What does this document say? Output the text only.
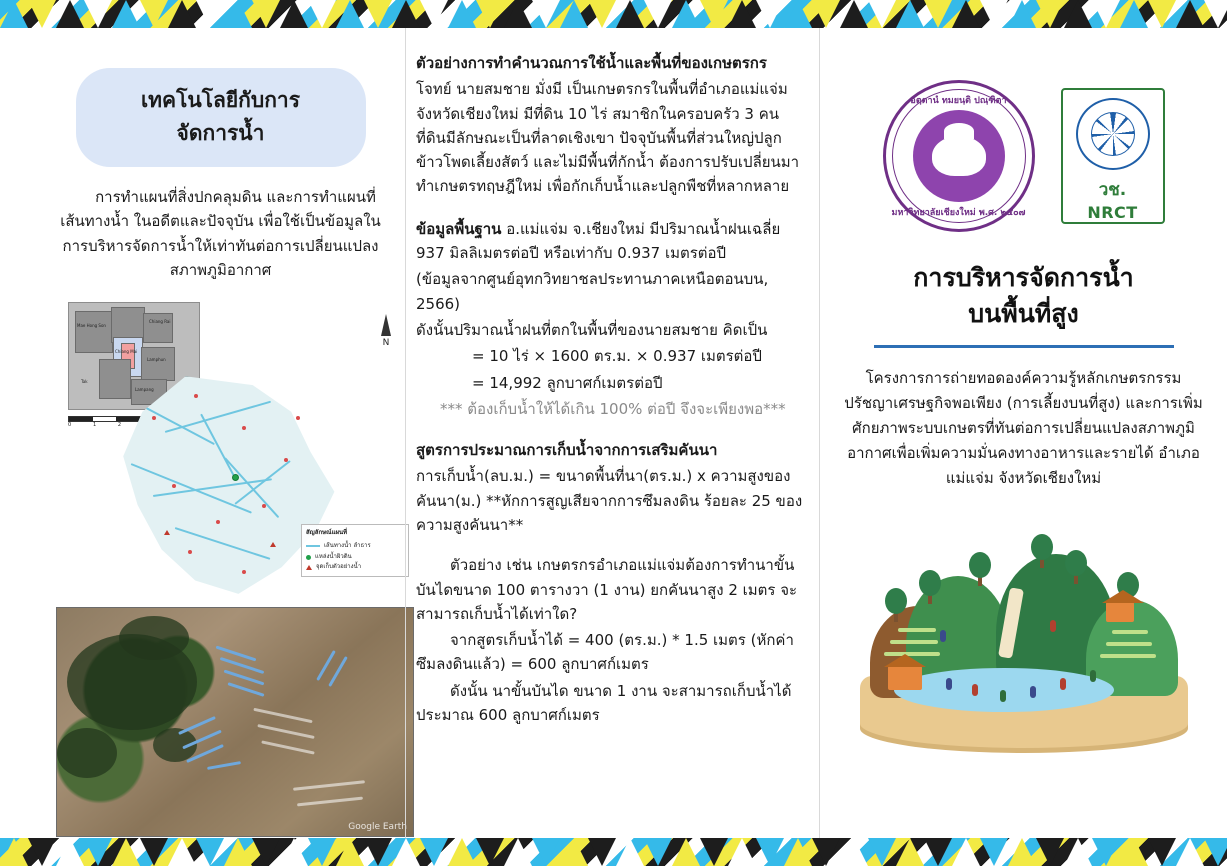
เทคโนโลยีกับการ
จัดการน้ำ
การทำแผนที่สิ่งปกคลุมดิน และการทำแผนที่เส้นทางน้ำ ในอดีตและปัจจุบัน เพื่อใช้เป็นข้อมูลในการบริหารจัดการน้ำให้เท่าทันต่อการเปลี่ยนแปลงสภาพภูมิอากาศ
Mae Hong Son
Chiang Mai
Chiang Rai
Lamphun
Lampang
Tak
0	1	2
N
สัญลักษณ์แผนที่
เส้นทางน้ำ ลำธาร
แหล่งน้ำผิวดิน
จุดเก็บตัวอย่างน้ำ
Google Earth
ตัวอย่างการทำคำนวณการใช้น้ำและพื้นที่ของเกษตรกร
โจทย์ นายสมชาย มั่งมี เป็นเกษตรกรในพื้นที่อำเภอแม่แจ่ม จังหวัดเชียงใหม่ มีที่ดิน 10 ไร่ สมาชิกในครอบครัว 3 คน ที่ดินมีลักษณะเป็นที่ลาดเชิงเขา ปัจจุบันพื้นที่ส่วนใหญ่ปลูกข้าวโพดเลี้ยงสัตว์ และไม่มีพื้นที่กักน้ำ ต้องการปรับเปลี่ยนมาทำเกษตรทฤษฎีใหม่ เพื่อกักเก็บน้ำและปลูกพืชที่หลากหลาย
ข้อมูลพื้นฐาน อ.แม่แจ่ม จ.เชียงใหม่ มีปริมาณน้ำฝนเฉลี่ย 937 มิลลิเมตรต่อปี หรือเท่ากับ 0.937 เมตรต่อปี
(ข้อมูลจากศูนย์อุทกวิทยาชลประทานภาคเหนือตอนบน, 2566)
ดังนั้นปริมาณน้ำฝนที่ตกในพื้นที่ของนายสมชาย คิดเป็น
= 10 ไร่ × 1600 ตร.ม. × 0.937 เมตรต่อปี
= 14,992 ลูกบาศก์เมตรต่อปี
*** ต้องเก็บน้ำให้ได้เกิน 100% ต่อปี จึงจะเพียงพอ***
สูตรการประมาณการเก็บน้ำจากการเสริมคันนา
การเก็บน้ำ(ลบ.ม.) = ขนาดพื้นที่นา(ตร.ม.) x ความสูงของคันนา(ม.) **หักการสูญเสียจากการซึมลงดิน ร้อยละ 25 ของความสูงคันนา**
ตัวอย่าง เช่น เกษตรกรอำเภอแม่แจ่มต้องการทำนาขั้นบันไดขนาด 100 ตารางวา (1 งาน) ยกคันนาสูง 2 เมตร จะสามารถเก็บน้ำได้เท่าใด?
จากสูตรเก็บน้ำได้ = 400 (ตร.ม.) * 1.5 เมตร (หักค่าซึมลงดินแล้ว) = 600 ลูกบาศก์เมตร
ดังนั้น นาขั้นบันได ขนาด 1 งาน จะสามารถเก็บน้ำได้ประมาณ 600 ลูกบาศก์เมตร
อตฺตานํ ทมยนฺติ ปณฺฑิตา
มหาวิทยาลัยเชียงใหม่ พ.ศ. ๒๕๐๗
วช.
NRCT
การบริหารจัดการน้ำ
บนพื้นที่สูง
โครงการการถ่ายทอดองค์ความรู้หลักเกษตรกรรมปรัชญาเศรษฐกิจพอเพียง (การเลี้ยงบนที่สูง) และการเพิ่มศักยภาพระบบเกษตรที่ทันต่อการเปลี่ยนแปลงสภาพภูมิอากาศเพื่อเพิ่มความมั่นคงทางอาหารและรายได้ อำเภอแม่แจ่ม จังหวัดเชียงใหม่
